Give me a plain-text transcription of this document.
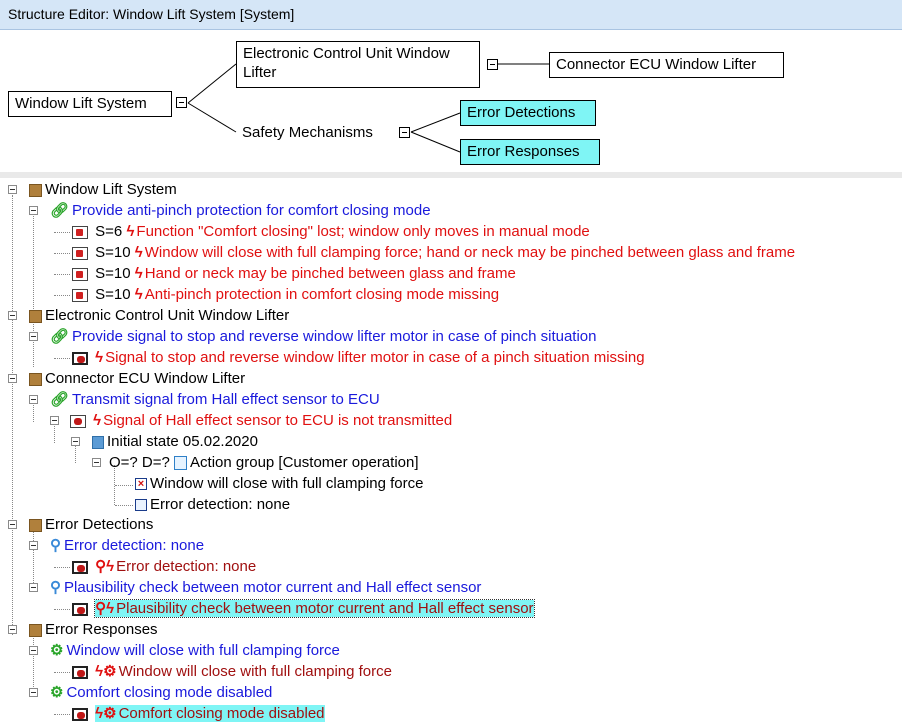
Structure Editor: Window Lift System [System]
Window Lift System
Electronic Control Unit Window Lifter	Connector ECU Window Lifter
Safety Mechanisms
Error Detections
Error Responses
Window Lift System
🔗︎ Provide anti-pinch protection for comfort closing mode
S=6 ϟ Function "Comfort closing" lost; window only moves in manual mode
S=10 ϟ Window will close with full clamping force; hand or neck may be pinched between glass and frame
S=10 ϟ Hand or neck may be pinched between glass and frame
S=10 ϟ Anti-pinch protection in comfort closing mode missing
Electronic Control Unit Window Lifter
🔗︎ Provide signal to stop and reverse window lifter motor in case of pinch situation
ϟ Signal to stop and reverse window lifter motor in case of a pinch situation missing
Connector ECU Window Lifter
🔗︎ Transmit signal from Hall effect sensor to ECU
ϟ Signal of Hall effect sensor to ECU is not transmitted
Initial state 05.02.2020
O=? D=? Action group [Customer operation]
× Window will close with full clamping force
Error detection: none
Error Detections
⚲ Error detection: none
⚲ϟ Error detection: none
⚲ Plausibility check between motor current and Hall effect sensor
⚲ϟ Plausibility check between motor current and Hall effect sensor
Error Responses
⚙ Window will close with full clamping force
ϟ⚙ Window will close with full clamping force
⚙ Comfort closing mode disabled
ϟ⚙ Comfort closing mode disabled
